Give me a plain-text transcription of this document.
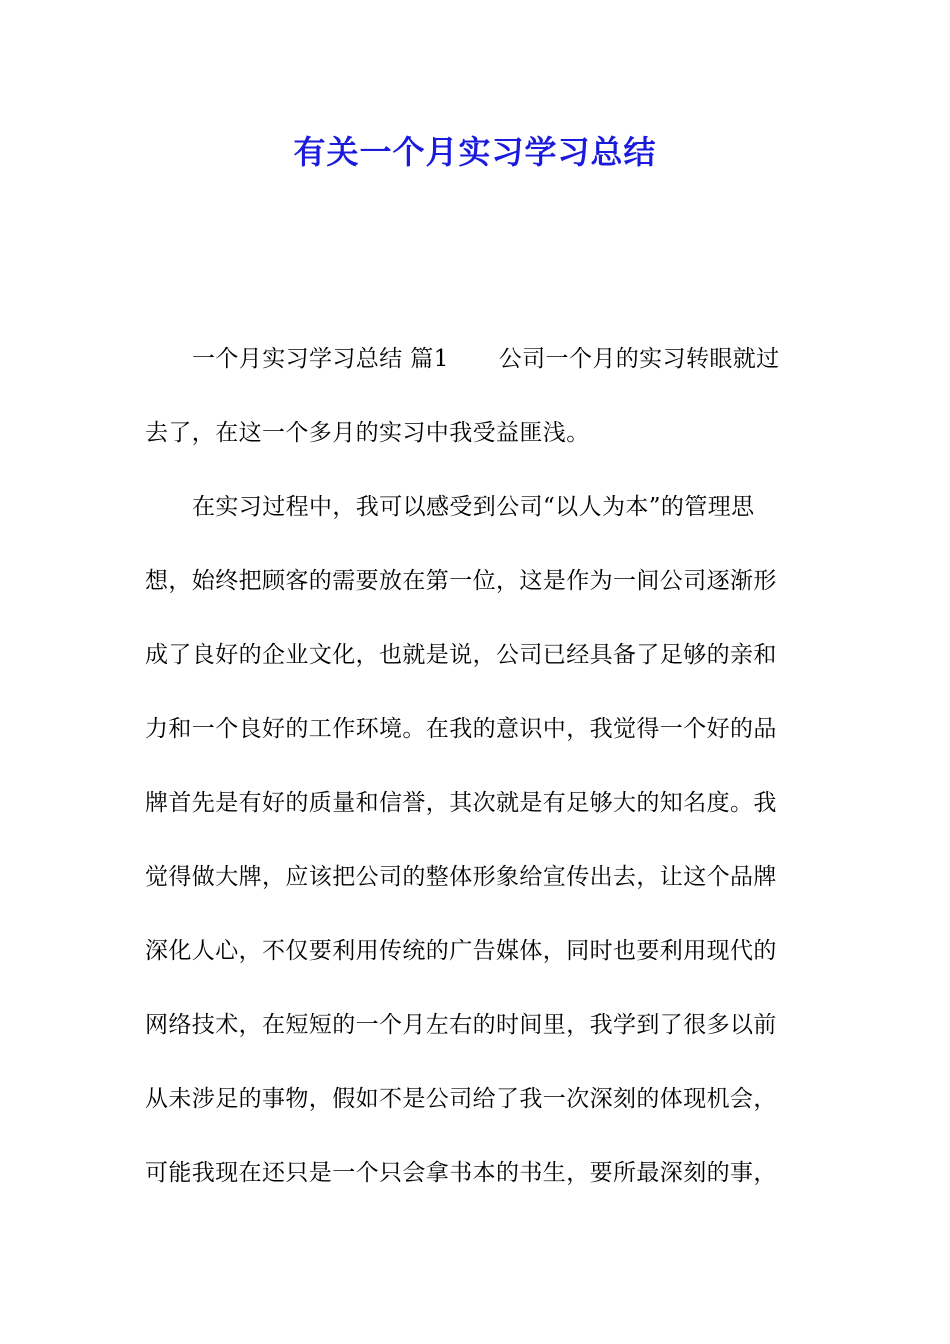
有关一个月实习学习总结
一个月实习学习总结 篇1 公司一个月的实习转眼就过
去了，在这一个多月的实习中我受益匪浅。
在实习过程中，我可以感受到公司“以人为本”的管理思
想，始终把顾客的需要放在第一位，这是作为一间公司逐渐形
成了良好的企业文化，也就是说，公司已经具备了足够的亲和
力和一个良好的工作环境。在我的意识中，我觉得一个好的品
牌首先是有好的质量和信誉，其次就是有足够大的知名度。我
觉得做大牌，应该把公司的整体形象给宣传出去，让这个品牌
深化人心，不仅要利用传统的广告媒体，同时也要利用现代的
网络技术，在短短的一个月左右的时间里，我学到了很多以前
从未涉足的事物，假如不是公司给了我一次深刻的体现机会，
可能我现在还只是一个只会拿书本的书生，要所最深刻的事，
